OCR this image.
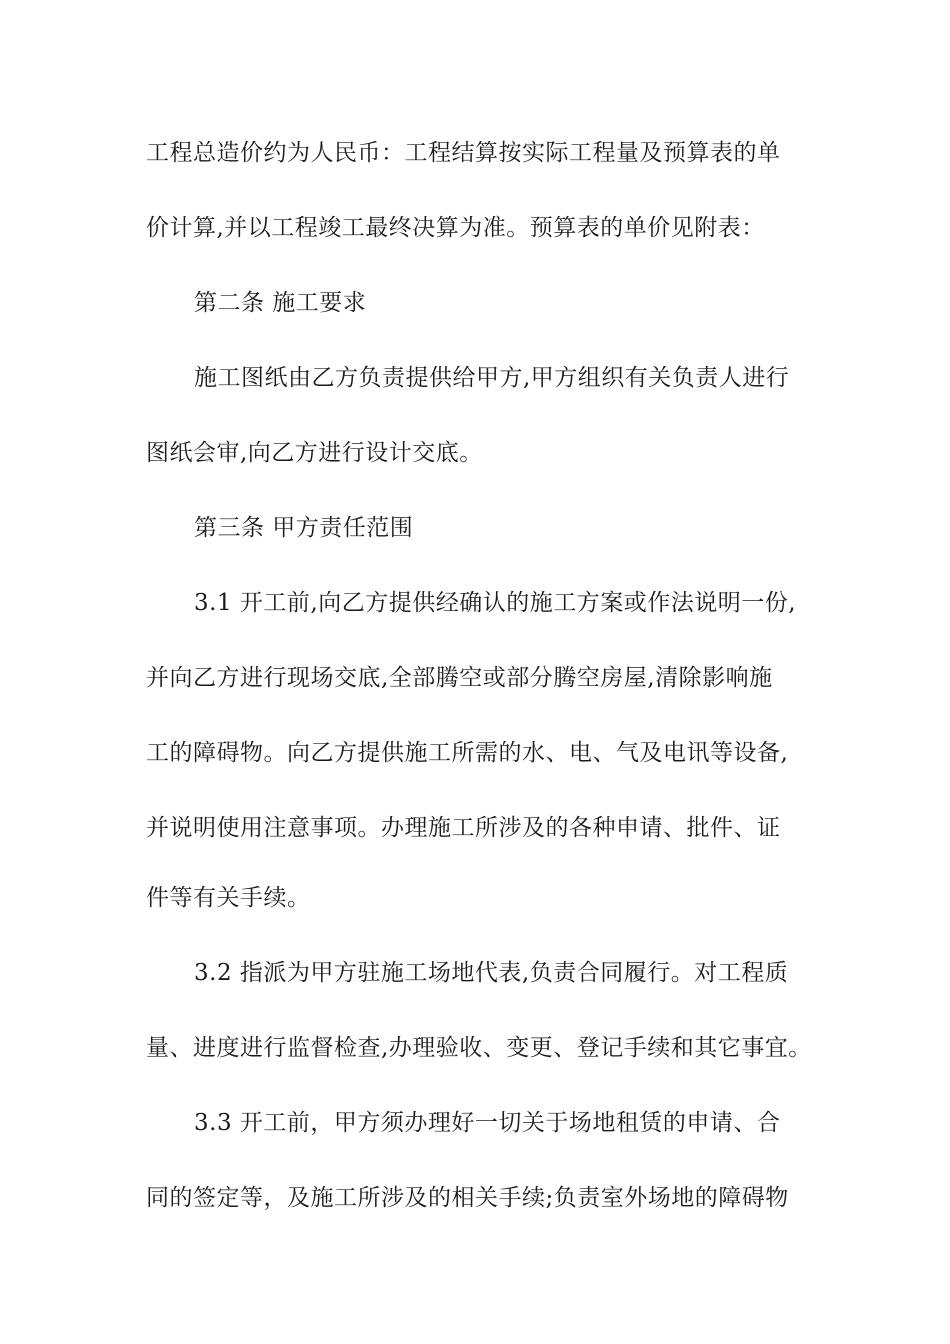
工程总造价约为人民币：工程结算按实际工程量及预算表的单
价计算,并以工程竣工最终决算为准。预算表的单价见附表：
第二条 施工要求
施工图纸由乙方负责提供给甲方,甲方组织有关负责人进行
图纸会审,向乙方进行设计交底。
第三条 甲方责任范围
3.1 开工前,向乙方提供经确认的施工方案或作法说明一份,
并向乙方进行现场交底,全部腾空或部分腾空房屋,清除影响施
工的障碍物。向乙方提供施工所需的水、电、气及电讯等设备,
并说明使用注意事项。办理施工所涉及的各种申请、批件、证
件等有关手续。
3.2 指派为甲方驻施工场地代表,负责合同履行。对工程质
量、进度进行监督检查,办理验收、变更、登记手续和其它事宜。
3.3 开工前，甲方须办理好一切关于场地租赁的申请、合
同的签定等，及施工所涉及的相关手续;负责室外场地的障碍物
